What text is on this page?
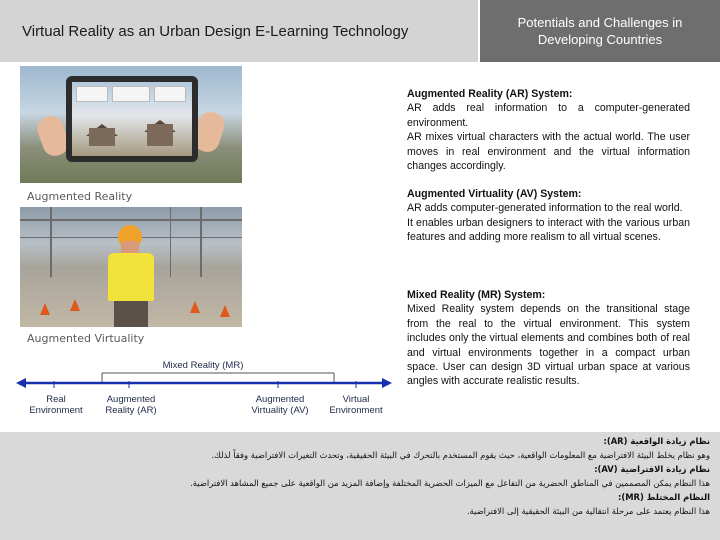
Virtual Reality as an Urban Design E-Learning Technology	Potentials and Challenges in
Developing Countries
Augmented Reality
Augmented Virtuality
Mixed Reality (MR)
Real
Environment
Augmented
Reality (AR)
Augmented
Virtuality (AV)
Virtual
Environment
Augmented Reality (AR) System:
AR adds real information to a computer-generated environment.
AR mixes virtual characters with the actual world. The user moves in real environment and the virtual information changes accordingly.
Augmented Virtuality (AV) System:
AR adds computer-generated information to the real world.
It enables urban designers to interact with the various urban features and adding more realism to all virtual scenes.
Mixed Reality (MR) System:
Mixed Reality system depends on the transitional stage from the real to the virtual environment. This system includes only the virtual elements and combines both of real and virtual environments together in a compact urban space. User can design 3D virtual urban space at various angles with accurate realistic results.
نظام زيادة الواقعية (AR):
وهو نظام يخلط البيئة الافتراضية مع المعلومات الواقعية، حيث يقوم المستخدم بالتحرك في البيئة الحقيقية، وتحدث التغيرات الافتراضية وفقاً لذلك.
نظام زيادة الافتراضية (AV):
هذا النظام يمكن المصممين في المناطق الحضرية من التفاعل مع الميزات الحضرية المختلفة وإضافة المزيد من الواقعية على جميع المشاهد الافتراضية.
النظام المختلط (MR):
هذا النظام يعتمد على مرحلة انتقالية من البيئة الحقيقية إلى الافتراضية.
